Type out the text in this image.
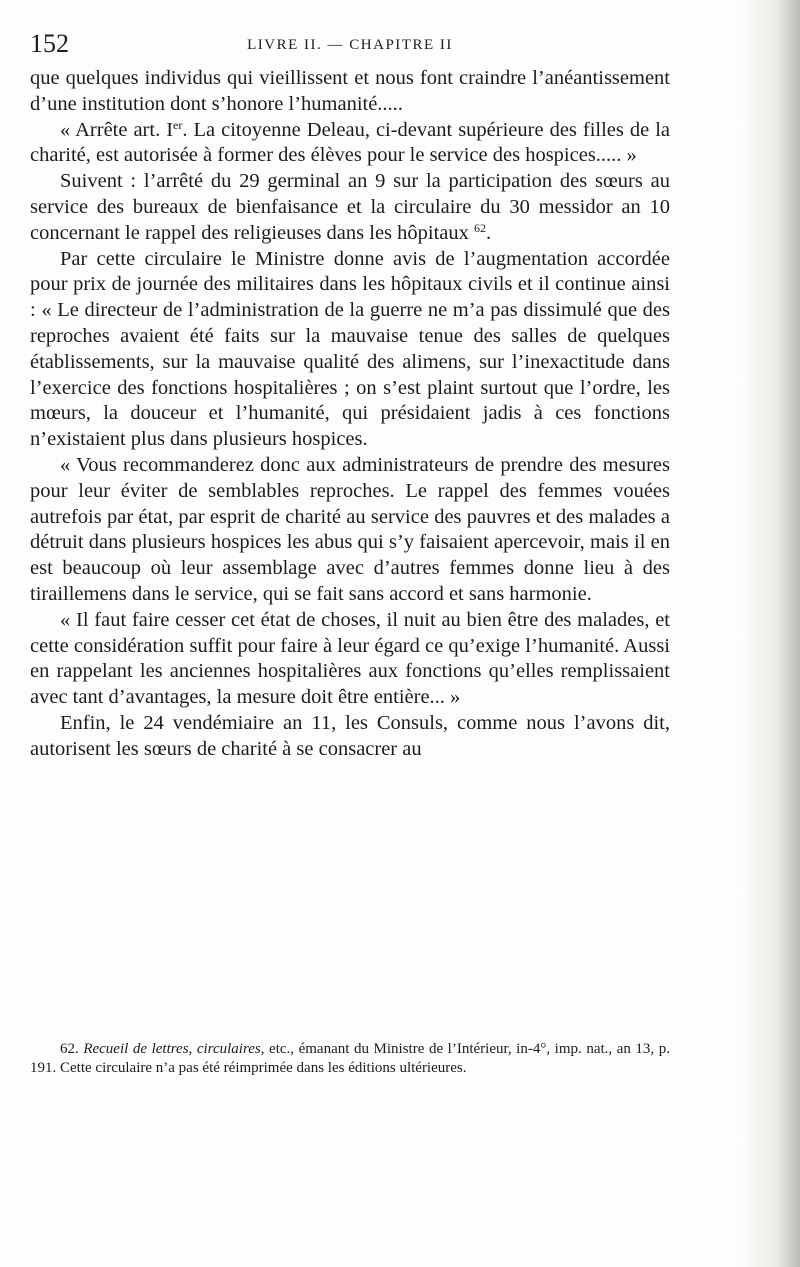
152	LIVRE II. — CHAPITRE II

que quelques individus qui vieillissent et nous font craindre l’anéantissement d’une institution dont s’honore l’humanité.....

« Arrête art. Ier. La citoyenne Deleau, ci-devant supérieure des filles de la charité, est autorisée à former des élèves pour le service des hospices..... »

Suivent : l’arrêté du 29 germinal an 9 sur la participation des sœurs au service des bureaux de bienfaisance et la circulaire du 30 messidor an 10 concernant le rappel des religieuses dans les hôpitaux $^{62}$.

Par cette circulaire le Ministre donne avis de l’augmentation accordée pour prix de journée des militaires dans les hôpitaux civils et il continue ainsi : « Le directeur de l’administration de la guerre ne m’a pas dissimulé que des reproches avaient été faits sur la mauvaise tenue des salles de quelques établissements, sur la mauvaise qualité des alimens, sur l’inexactitude dans l’exercice des fonctions hospitalières ; on s’est plaint surtout que l’ordre, les mœurs, la douceur et l’humanité, qui présidaient jadis à ces fonctions n’existaient plus dans plusieurs hospices.

« Vous recommanderez donc aux administrateurs de prendre des mesures pour leur éviter de semblables reproches. Le rappel des femmes vouées autrefois par état, par esprit de charité au service des pauvres et des malades a détruit dans plusieurs hospices les abus qui s’y faisaient apercevoir, mais il en est beaucoup où leur assemblage avec d’autres femmes donne lieu à des tiraillemens dans le service, qui se fait sans accord et sans harmonie.

« Il faut faire cesser cet état de choses, il nuit au bien être des malades, et cette considération suffit pour faire à leur égard ce qu’exige l’humanité. Aussi en rappelant les anciennes hospitalières aux fonctions qu’elles remplissaient avec tant d’avantages, la mesure doit être entière... »

Enfin, le 24 vendémiaire an 11, les Consuls, comme nous l’avons dit, autorisent les sœurs de charité à se consacrer au

62. Recueil de lettres, circulaires, etc., émanant du Ministre de l’Intérieur, in-4°, imp. nat., an 13, p. 191. Cette circulaire n’a pas été réimprimée dans les éditions ultérieures.
